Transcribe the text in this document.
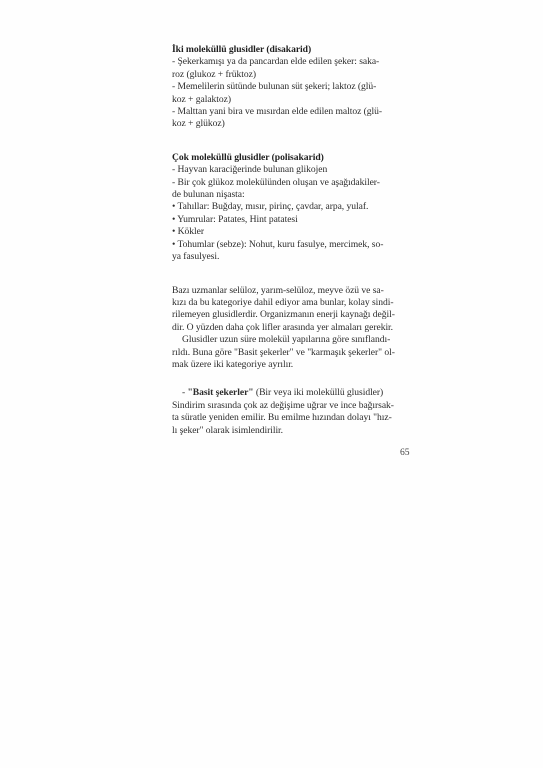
İki moleküllü glusidler (disakarid)
- Şekerkamışı ya da pancardan elde edilen şeker: saka-
roz (glukoz + früktoz)
- Memelilerin sütünde bulunan süt şekeri; laktoz (glü-
koz + galaktoz)
- Malttan yani bira ve mısırdan elde edilen maltoz (glü-
koz + glükoz)
Çok moleküllü glusidler (polisakarid)
- Hayvan karaciğerinde bulunan glikojen
- Bir çok glükoz molekülünden oluşan ve aşağıdakiler-
de bulunan nişasta:
• Tahıllar: Buğday, mısır, pirinç, çavdar, arpa, yulaf.
• Yumrular: Patates, Hint patatesi
• Kökler
• Tohumlar (sebze): Nohut, kuru fasulye, mercimek, so-
ya fasulyesi.
Bazı uzmanlar selüloz, yarım-selüloz, meyve özü ve sa-
kızı da bu kategoriye dahil ediyor ama bunlar, kolay sindi-
rilemeyen glusidlerdir. Organizmanın enerji kaynağı değil-
dir. O yüzden daha çok lifler arasında yer almaları gerekir.
Glusidler uzun süre molekül yapılarına göre sınıflandı-
rıldı. Buna göre "Basit şekerler" ve "karmaşık şekerler" ol-
mak üzere iki kategoriye ayrılır.
- "Basit şekerler" (Bir veya iki moleküllü glusidler)
Sindirim sırasında çok az değişime uğrar ve ince bağırsak-
ta süratle yeniden emilir. Bu emilme hızından dolayı "hız-
lı şeker" olarak isimlendirilir.
65
